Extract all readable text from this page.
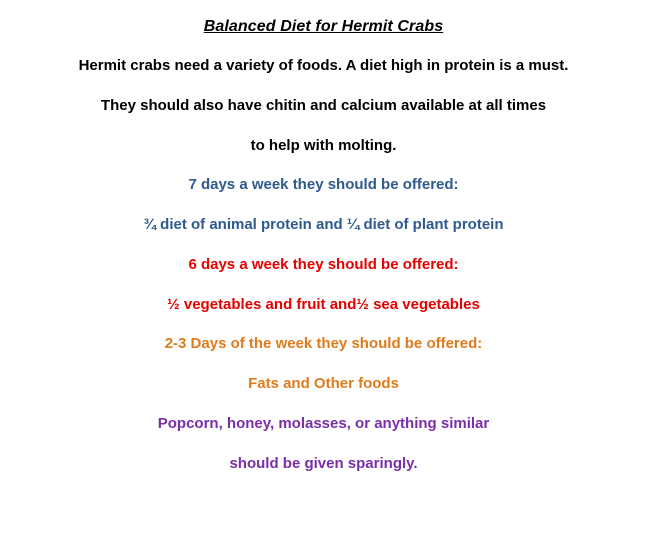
Balanced Diet for Hermit Crabs

Hermit crabs need a variety of foods. A diet high in protein is a must.

They should also have chitin and calcium available at all times

to help with molting.

7 days a week they should be offered:

¾ diet of animal protein and ¼ diet of plant protein

6 days a week they should be offered:

½ vegetables and fruit and½ sea vegetables

2-3 Days of the week they should be offered:

Fats and Other foods

Popcorn, honey, molasses, or anything similar

should be given sparingly.
